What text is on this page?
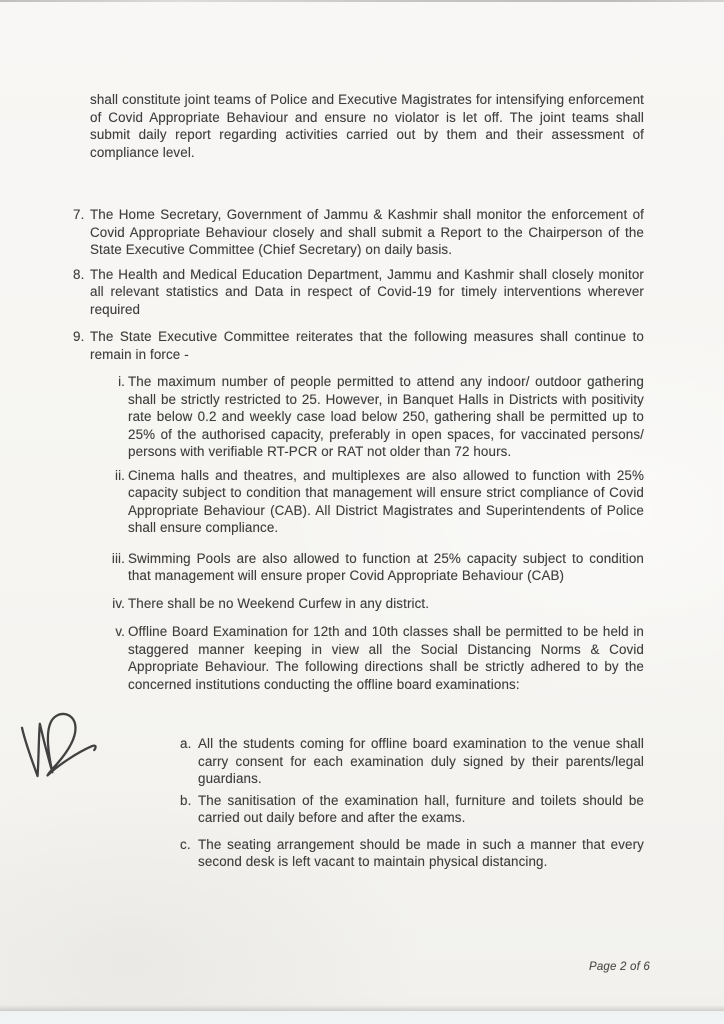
shall constitute joint teams of Police and Executive Magistrates for intensifying enforcement of Covid Appropriate Behaviour and ensure no violator is let off. The joint teams shall submit daily report regarding activities carried out by them and their assessment of compliance level.

7. The Home Secretary, Government of Jammu & Kashmir shall monitor the enforcement of Covid Appropriate Behaviour closely and shall submit a Report to the Chairperson of the State Executive Committee (Chief Secretary) on daily basis.

8. The Health and Medical Education Department, Jammu and Kashmir shall closely monitor all relevant statistics and Data in respect of Covid-19 for timely interventions wherever required

9. The State Executive Committee reiterates that the following measures shall continue to remain in force -

i. The maximum number of people permitted to attend any indoor/ outdoor gathering shall be strictly restricted to 25. However, in Banquet Halls in Districts with positivity rate below 0.2 and weekly case load below 250, gathering shall be permitted up to 25% of the authorised capacity, preferably in open spaces, for vaccinated persons/ persons with verifiable RT-PCR or RAT not older than 72 hours.

ii. Cinema halls and theatres, and multiplexes are also allowed to function with 25% capacity subject to condition that management will ensure strict compliance of Covid Appropriate Behaviour (CAB). All District Magistrates and Superintendents of Police shall ensure compliance.

iii. Swimming Pools are also allowed to function at 25% capacity subject to condition that management will ensure proper Covid Appropriate Behaviour (CAB)

iv. There shall be no Weekend Curfew in any district.

v. Offline Board Examination for 12th and 10th classes shall be permitted to be held in staggered manner keeping in view all the Social Distancing Norms & Covid Appropriate Behaviour. The following directions shall be strictly adhered to by the concerned institutions conducting the offline board examinations:

a. All the students coming for offline board examination to the venue shall carry consent for each examination duly signed by their parents/legal guardians.

b. The sanitisation of the examination hall, furniture and toilets should be carried out daily before and after the exams.

c. The seating arrangement should be made in such a manner that every second desk is left vacant to maintain physical distancing.

Page 2 of 6
